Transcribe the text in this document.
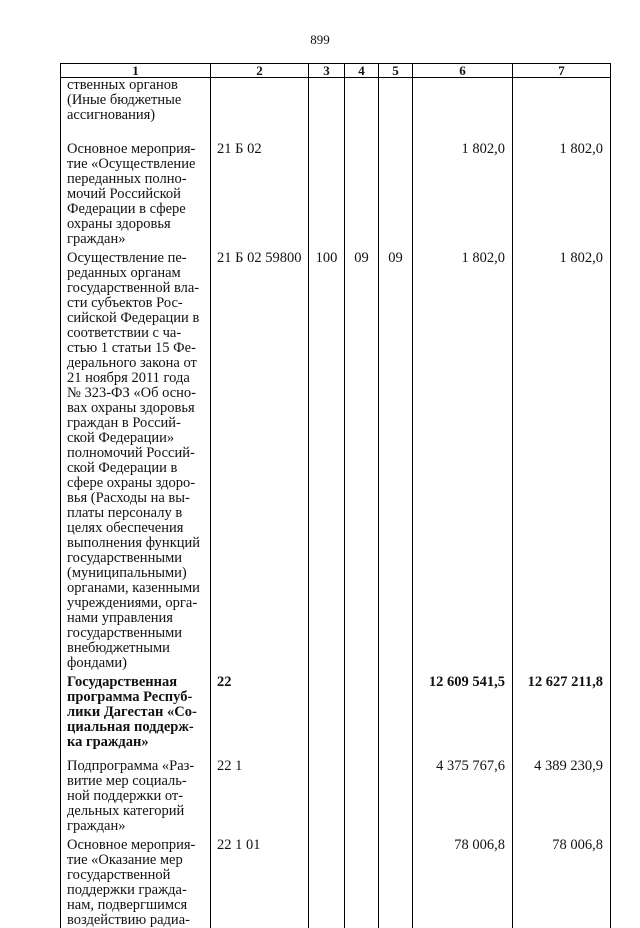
899
1	2	3	4	5	6	7
ственных органов (Иные бюджетные ассигнования)						
Основное мероприя-тие «Осуществление переданных полно-мочий Российской Федерации в сфере охраны здоровья граждан»	21 Б 02				1 802,0	1 802,0
Осуществление пе-реданных органам государственной вла-сти субъектов Рос-сийской Федерации в соответствии с ча-стью 1 статьи 15 Фе-дерального закона от 21 ноября 2011 года № 323-ФЗ «Об осно-вах охраны здоровья граждан в Россий-ской Федерации» полномочий Россий-ской Федерации в сфере охраны здоро-вья (Расходы на вы-платы персоналу в целях обеспечения выполнения функций государственными (муниципальными) органами, казенными учреждениями, орга-нами управления государственными внебюджетными фондами)	21 Б 02 59800	100	09	09	1 802,0	1 802,0
Государственная программа Респуб-лики Дагестан «Со-циальная поддерж-ка граждан»	22				12 609 541,5	12 627 211,8
Подпрограмма «Раз-витие мер социаль-ной поддержки от-дельных категорий граждан»	22 1				4 375 767,6	4 389 230,9
Основное мероприя-тие «Оказание мер государственной поддержки гражда-нам, подвергшимся воздействию радиа-	22 1 01				78 006,8	78 006,8
